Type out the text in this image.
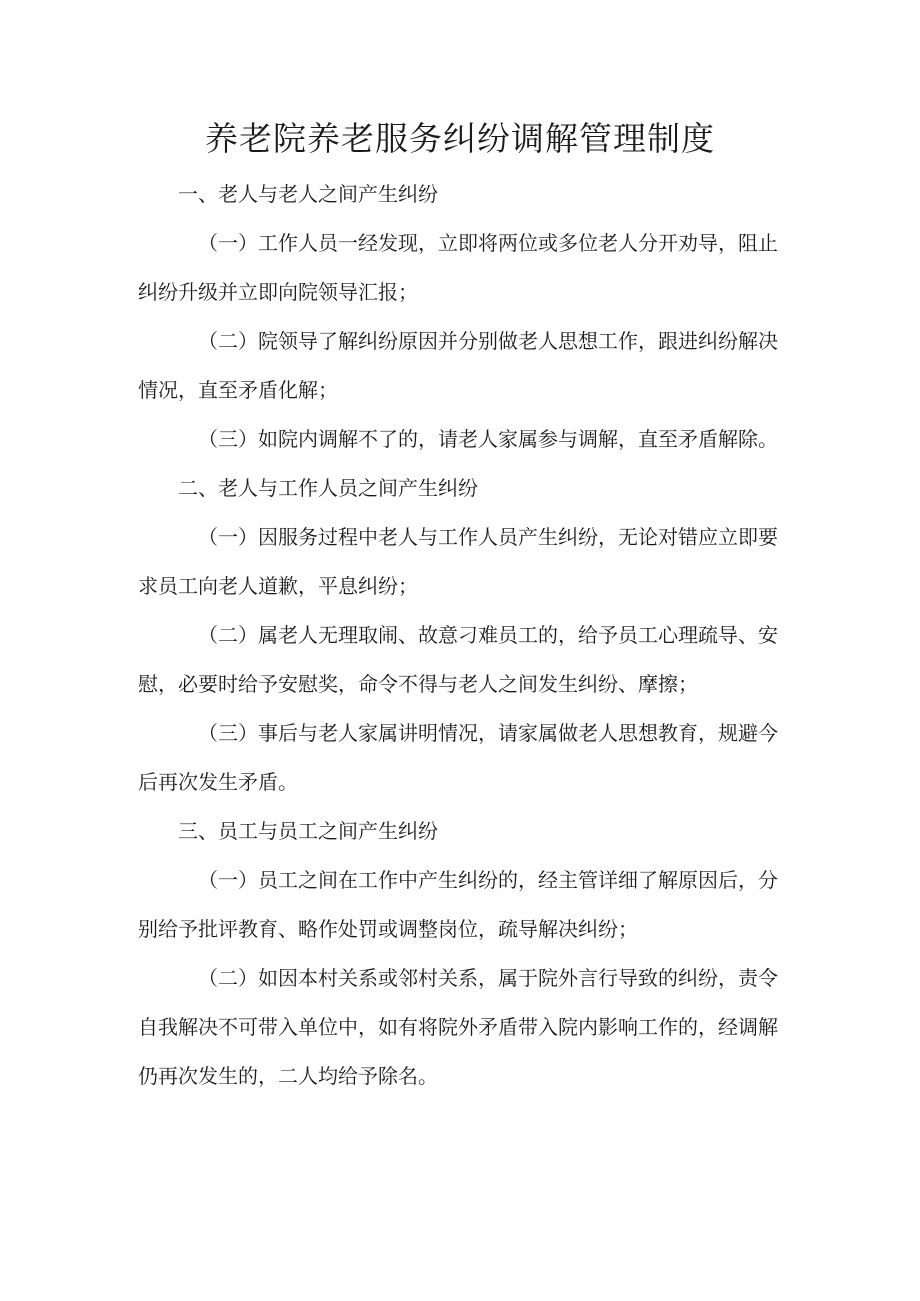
养老院养老服务纠纷调解管理制度
一、老人与老人之间产生纠纷

（一）工作人员一经发现，立即将两位或多位老人分开劝导，阻止纠纷升级并立即向院领导汇报；

（二）院领导了解纠纷原因并分别做老人思想工作，跟进纠纷解决情况，直至矛盾化解；

（三）如院内调解不了的，请老人家属参与调解，直至矛盾解除。

二、老人与工作人员之间产生纠纷

（一）因服务过程中老人与工作人员产生纠纷，无论对错应立即要求员工向老人道歉，平息纠纷；

（二）属老人无理取闹、故意刁难员工的，给予员工心理疏导、安慰，必要时给予安慰奖，命令不得与老人之间发生纠纷、摩擦；

（三）事后与老人家属讲明情况，请家属做老人思想教育，规避今后再次发生矛盾。

三、员工与员工之间产生纠纷

（一）员工之间在工作中产生纠纷的，经主管详细了解原因后，分别给予批评教育、略作处罚或调整岗位，疏导解决纠纷；

（二）如因本村关系或邻村关系，属于院外言行导致的纠纷，责令自我解决不可带入单位中，如有将院外矛盾带入院内影响工作的，经调解仍再次发生的，二人均给予除名。
